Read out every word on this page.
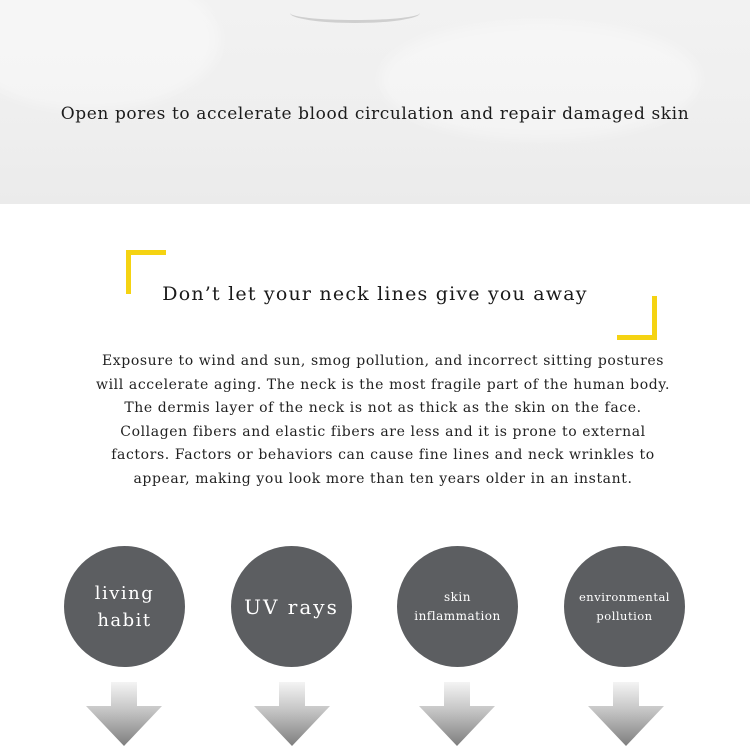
Open pores to accelerate blood circulation and repair damaged skin
Don’t let your neck lines give you away
Exposure to wind and sun, smog pollution, and incorrect sitting postures will accelerate aging. The neck is the most fragile part of the human body. The dermis layer of the neck is not as thick as the skin on the face. Collagen fibers and elastic fibers are less and it is prone to external factors. Factors or behaviors can cause fine lines and neck wrinkles to appear, making you look more than ten years older in an instant.
living
habit
UV rays	skin
inflammation
environmental
pollution
